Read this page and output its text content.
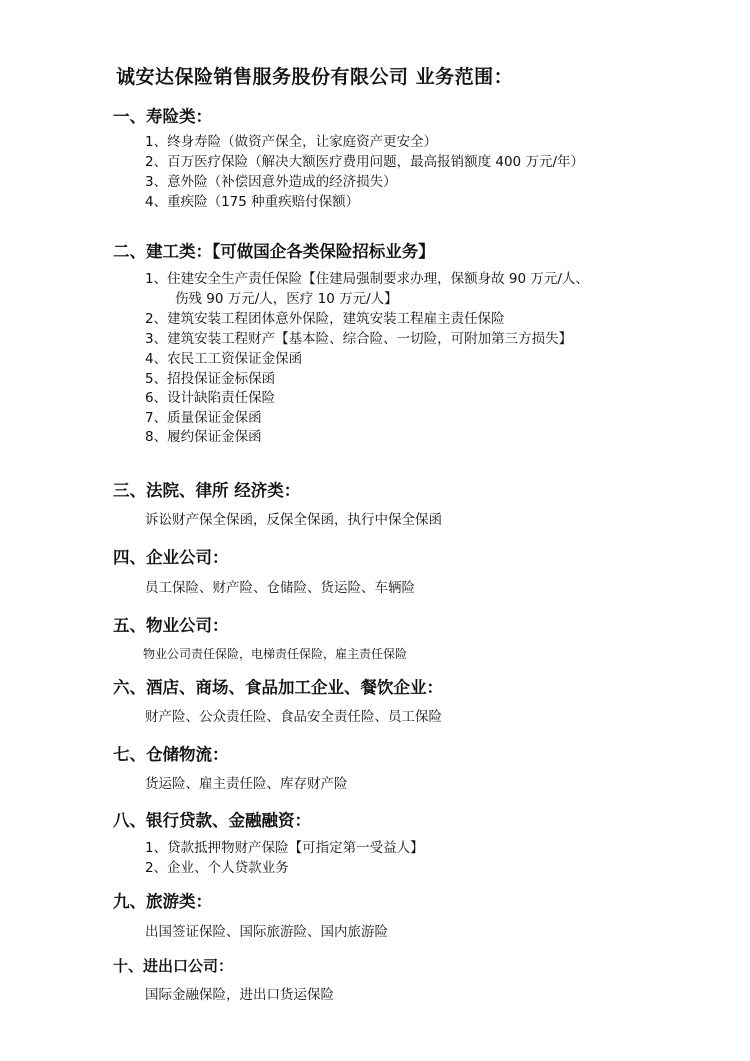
诚安达保险销售服务股份有限公司 业务范围：
一、寿险类：
1、终身寿险（做资产保全，让家庭资产更安全）
2、百万医疗保险（解决大额医疗费用问题，最高报销额度 400 万元/年）
3、意外险（补偿因意外造成的经济损失）
4、重疾险（175 种重疾赔付保额）
二、建工类：【可做国企各类保险招标业务】
1、住建安全生产责任保险【住建局强制要求办理，保额身故 90 万元/人、
伤残 90 万元/人，医疗 10 万元/人】
2、建筑安装工程团体意外保险，建筑安装工程雇主责任保险
3、建筑安装工程财产【基本险、综合险、一切险，可附加第三方损失】
4、农民工工资保证金保函
5、招投保证金标保函
6、设计缺陷责任保险
7、质量保证金保函
8、履约保证金保函
三、法院、律所 经济类：
诉讼财产保全保函，反保全保函，执行中保全保函
四、企业公司：
员工保险、财产险、仓储险、货运险、车辆险
五、物业公司：
物业公司责任保险，电梯责任保险，雇主责任保险
六、酒店、商场、食品加工企业、餐饮企业：
财产险、公众责任险、食品安全责任险、员工保险
七、仓储物流：
货运险、雇主责任险、库存财产险
八、银行贷款、金融融资：
1、贷款抵押物财产保险【可指定第一受益人】
2、企业、个人贷款业务
九、旅游类：
出国签证保险、国际旅游险、国内旅游险
十、进出口公司：
国际金融保险，进出口货运保险
